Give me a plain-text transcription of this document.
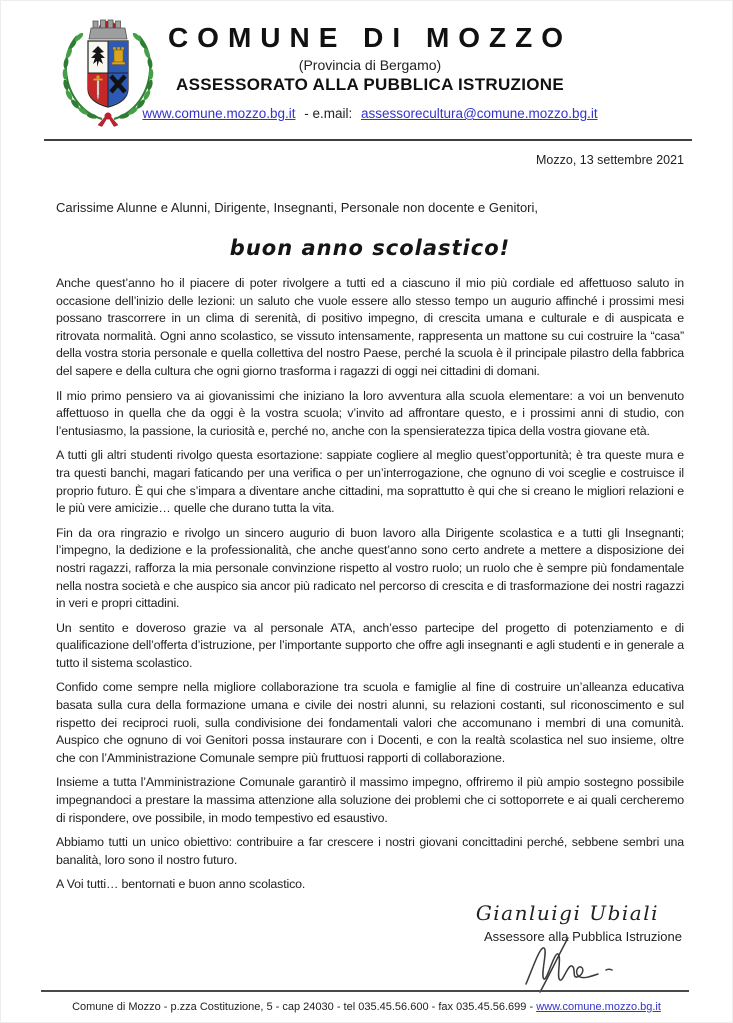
COMUNE DI MOZZO
(Provincia di Bergamo)
ASSESSORATO ALLA PUBBLICA ISTRUZIONE
www.comune.mozzo.bg.it - e.mail: assessorecultura@comune.mozzo.bg.it
Mozzo, 13 settembre 2021
Carissime Alunne e Alunni, Dirigente, Insegnanti, Personale non docente e Genitori,
buon anno scolastico!

Anche quest’anno ho il piacere di poter rivolgere a tutti ed a ciascuno il mio più cordiale ed affettuoso saluto in occasione dell’inizio delle lezioni: un saluto che vuole essere allo stesso tempo un augurio affinché i prossimi mesi possano trascorrere in un clima di serenità, di positivo impegno, di crescita umana e culturale e di auspicata e ritrovata normalità. Ogni anno scolastico, se vissuto intensamente, rappresenta un mattone su cui costruire la “casa” della vostra storia personale e quella collettiva del nostro Paese, perché la scuola è il principale pilastro della fabbrica del sapere e della cultura che ogni giorno trasforma i ragazzi di oggi nei cittadini di domani.

Il mio primo pensiero va ai giovanissimi che iniziano la loro avventura alla scuola elementare: a voi un benvenuto affettuoso in quella che da oggi è la vostra scuola; v’invito ad affrontare questo, e i prossimi anni di studio, con l’entusiasmo, la passione, la curiosità e, perché no, anche con la spensieratezza tipica della vostra giovane età.

A tutti gli altri studenti rivolgo questa esortazione: sappiate cogliere al meglio quest’opportunità; è tra queste mura e tra questi banchi, magari faticando per una verifica o per un’interrogazione, che ognuno di voi sceglie e costruisce il proprio futuro. È qui che s’impara a diventare anche cittadini, ma soprattutto è qui che si creano le migliori relazioni e le più vere amicizie… quelle che durano tutta la vita.

Fin da ora ringrazio e rivolgo un sincero augurio di buon lavoro alla Dirigente scolastica e a tutti gli Insegnanti; l’impegno, la dedizione e la professionalità, che anche quest’anno sono certo andrete a mettere a disposizione dei nostri ragazzi, rafforza la mia personale convinzione rispetto al vostro ruolo; un ruolo che è sempre più fondamentale nella nostra società e che auspico sia ancor più radicato nel percorso di crescita e di trasformazione dei nostri ragazzi in veri e propri cittadini.

Un sentito e doveroso grazie va al personale ATA, anch’esso partecipe del progetto di potenziamento e di qualificazione dell’offerta d’istruzione, per l’importante supporto che offre agli insegnanti e agli studenti e in generale a tutto il sistema scolastico.

Confido come sempre nella migliore collaborazione tra scuola e famiglie al fine di costruire un’alleanza educativa basata sulla cura della formazione umana e civile dei nostri alunni, su relazioni costanti, sul riconoscimento e sul rispetto dei reciproci ruoli, sulla condivisione dei fondamentali valori che accomunano i membri di una comunità. Auspico che ognuno di voi Genitori possa instaurare con i Docenti, e con la realtà scolastica nel suo insieme, oltre che con l’Amministrazione Comunale sempre più fruttuosi rapporti di collaborazione.

Insieme a tutta l’Amministrazione Comunale garantirò il massimo impegno, offriremo il più ampio sostegno possibile impegnandoci a prestare la massima attenzione alla soluzione dei problemi che ci sottoporrete e ai quali cercheremo di rispondere, ove possibile, in modo tempestivo ed esaustivo.

Abbiamo tutti un unico obiettivo: contribuire a far crescere i nostri giovani concittadini perché, sebbene sembri una banalità, loro sono il nostro futuro.

A Voi tutti… bentornati e buon anno scolastico.

Gianluigi Ubiali
Assessore alla Pubblica Istruzione
Comune di Mozzo - p.zza Costituzione, 5 - cap 24030 - tel 035.45.56.600 - fax 035.45.56.699 - www.comune.mozzo.bg.it
